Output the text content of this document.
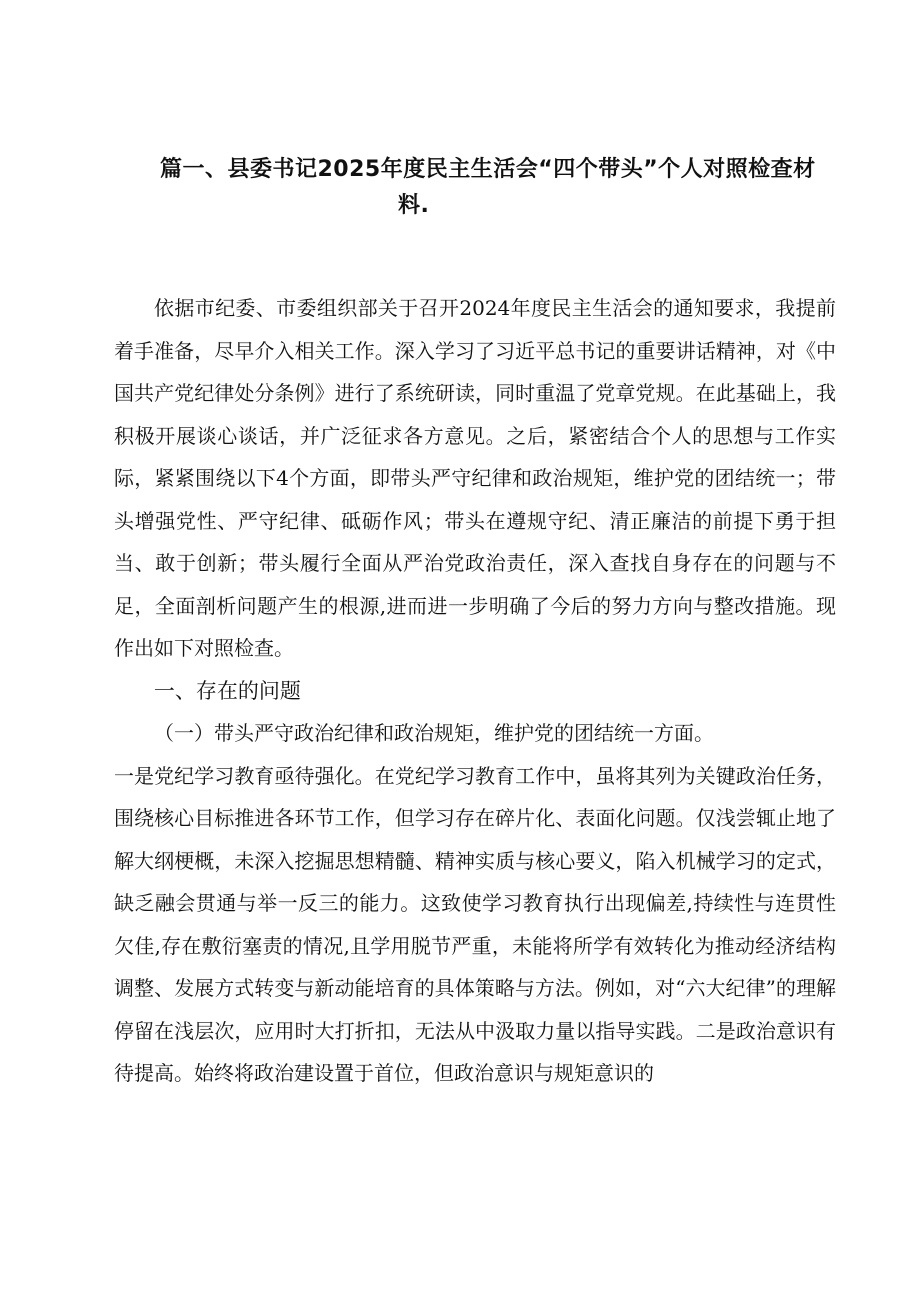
篇一、县委书记2025年度民主生活会“四个带头”个人对照检查材
料.

依据市纪委、市委组织部关于召开2024年度民主生活会的通知要求，我提前着手准备，尽早介入相关工作。深入学习了习近平总书记的重要讲话精神，对《中国共产党纪律处分条例》进行了系统研读，同时重温了党章党规。在此基础上，我积极开展谈心谈话，并广泛征求各方意见。之后，紧密结合个人的思想与工作实际，紧紧围绕以下4个方面，即带头严守纪律和政治规矩，维护党的团结统一；带头增强党性、严守纪律、砥砺作风；带头在遵规守纪、清正廉洁的前提下勇于担当、敢于创新；带头履行全面从严治党政治责任，深入查找自身存在的问题与不足，全面剖析问题产生的根源,进而进一步明确了今后的努力方向与整改措施。现作出如下对照检查。

一、存在的问题

（一）带头严守政治纪律和政治规矩，维护党的团结统一方面。

一是党纪学习教育亟待强化。在党纪学习教育工作中，虽将其列为关键政治任务，围绕核心目标推进各环节工作，但学习存在碎片化、表面化问题。仅浅尝辄止地了解大纲梗概，未深入挖掘思想精髓、精神实质与核心要义，陷入机械学习的定式，缺乏融会贯通与举一反三的能力。这致使学习教育执行出现偏差,持续性与连贯性欠佳,存在敷衍塞责的情况,且学用脱节严重，未能将所学有效转化为推动经济结构调整、发展方式转变与新动能培育的具体策略与方法。例如，对“六大纪律”的理解停留在浅层次，应用时大打折扣，无法从中汲取力量以指导实践。二是政治意识有待提高。始终将政治建设置于首位，但政治意识与规矩意识的
